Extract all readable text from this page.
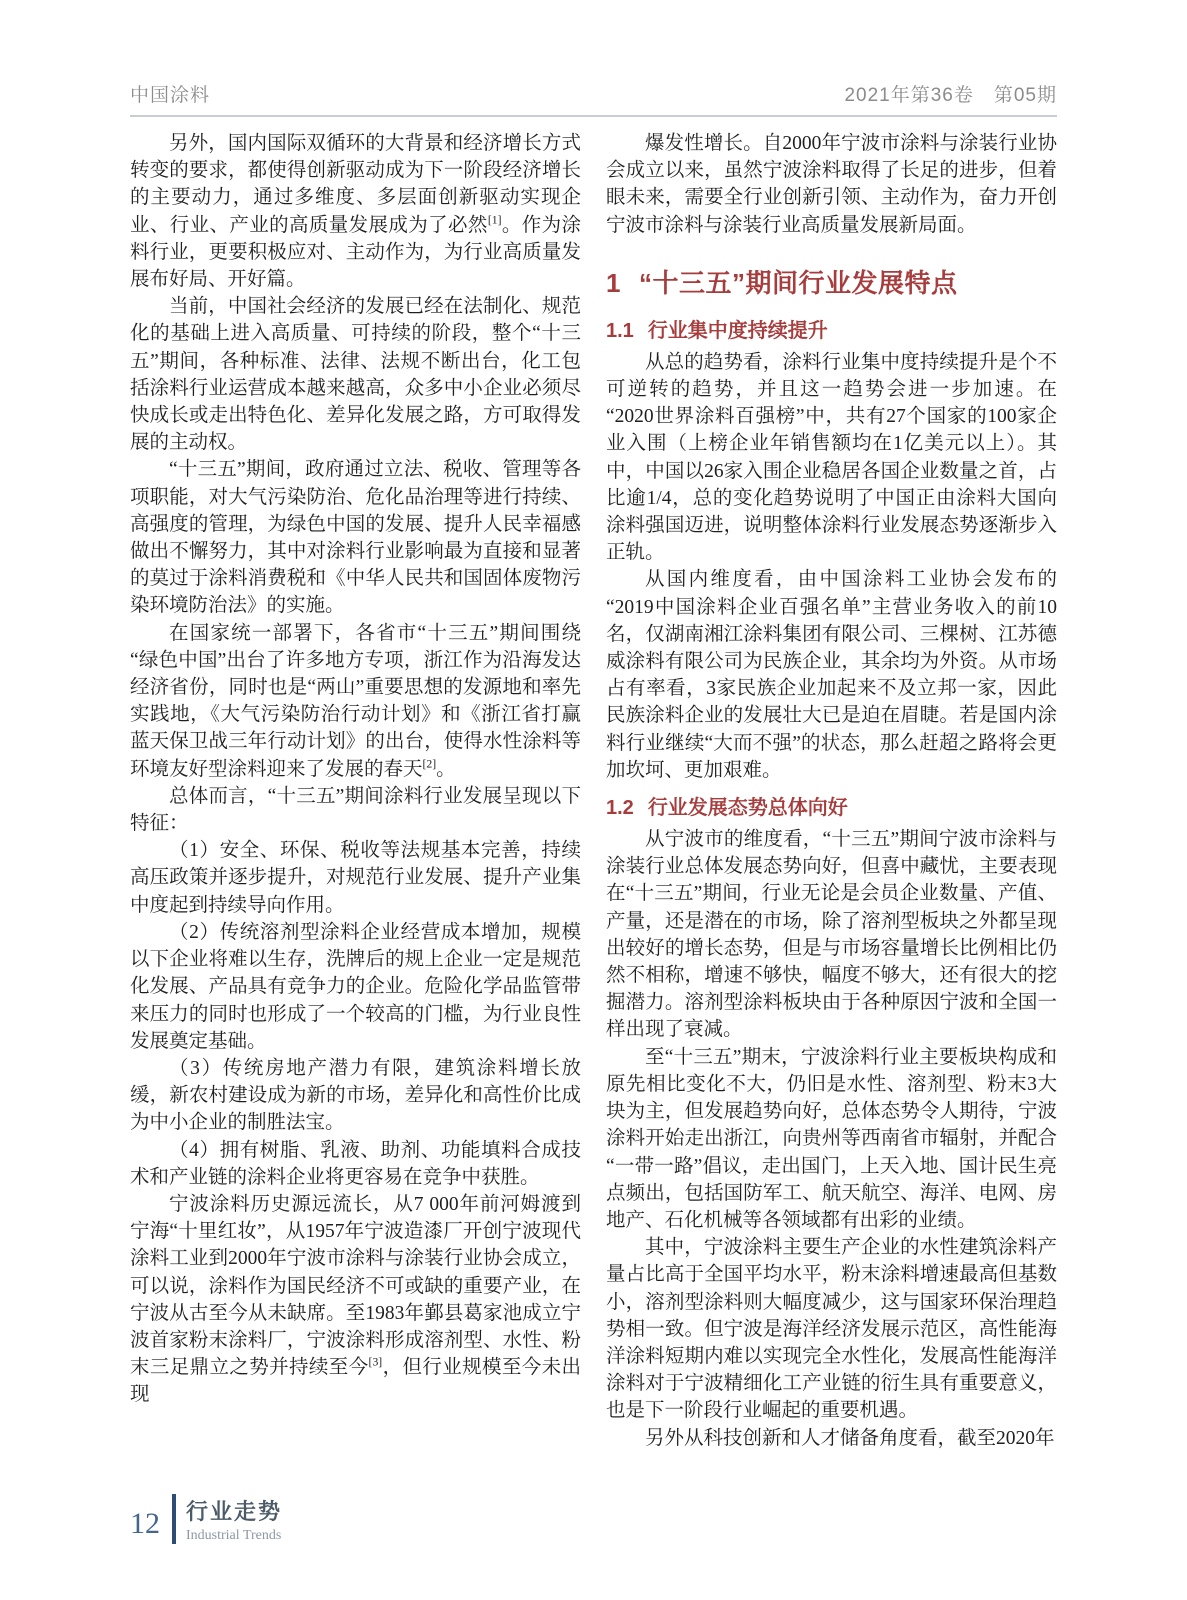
中国涂料	2021年第36卷　第05期

另外，国内国际双循环的大背景和经济增长方式转变的要求，都使得创新驱动成为下一阶段经济增长的主要动力，通过多维度、多层面创新驱动实现企业、行业、产业的高质量发展成为了必然[1]。作为涂料行业，更要积极应对、主动作为，为行业高质量发展布好局、开好篇。

当前，中国社会经济的发展已经在法制化、规范化的基础上进入高质量、可持续的阶段，整个“十三五”期间，各种标准、法律、法规不断出台，化工包括涂料行业运营成本越来越高，众多中小企业必须尽快成长或走出特色化、差异化发展之路，方可取得发展的主动权。

“十三五”期间，政府通过立法、税收、管理等各项职能，对大气污染防治、危化品治理等进行持续、高强度的管理，为绿色中国的发展、提升人民幸福感做出不懈努力，其中对涂料行业影响最为直接和显著的莫过于涂料消费税和《中华人民共和国固体废物污染环境防治法》的实施。

在国家统一部署下，各省市“十三五”期间围绕“绿色中国”出台了许多地方专项，浙江作为沿海发达经济省份，同时也是“两山”重要思想的发源地和率先实践地，《大气污染防治行动计划》和《浙江省打赢蓝天保卫战三年行动计划》的出台，使得水性涂料等环境友好型涂料迎来了发展的春天[2]。

总体而言，“十三五”期间涂料行业发展呈现以下特征：

（1）安全、环保、税收等法规基本完善，持续高压政策并逐步提升，对规范行业发展、提升产业集中度起到持续导向作用。

（2）传统溶剂型涂料企业经营成本增加，规模以下企业将难以生存，洗牌后的规上企业一定是规范化发展、产品具有竞争力的企业。危险化学品监管带来压力的同时也形成了一个较高的门槛，为行业良性发展奠定基础。

（3）传统房地产潜力有限，建筑涂料增长放缓，新农村建设成为新的市场，差异化和高性价比成为中小企业的制胜法宝。

（4）拥有树脂、乳液、助剂、功能填料合成技术和产业链的涂料企业将更容易在竞争中获胜。

宁波涂料历史源远流长，从7 000年前河姆渡到宁海“十里红妆”，从1957年宁波造漆厂开创宁波现代涂料工业到2000年宁波市涂料与涂装行业协会成立，可以说，涂料作为国民经济不可或缺的重要产业，在宁波从古至今从未缺席。至1983年鄞县葛家池成立宁波首家粉末涂料厂，宁波涂料形成溶剂型、水性、粉末三足鼎立之势并持续至今[3]，但行业规模至今未出现

爆发性增长。自2000年宁波市涂料与涂装行业协会成立以来，虽然宁波涂料取得了长足的进步，但着眼未来，需要全行业创新引领、主动作为，奋力开创宁波市涂料与涂装行业高质量发展新局面。

1 “十三五”期间行业发展特点
1.1 行业集中度持续提升

从总的趋势看，涂料行业集中度持续提升是个不可逆转的趋势，并且这一趋势会进一步加速。在“2020世界涂料百强榜”中，共有27个国家的100家企业入围（上榜企业年销售额均在1亿美元以上）。其中，中国以26家入围企业稳居各国企业数量之首，占比逾1/4，总的变化趋势说明了中国正由涂料大国向涂料强国迈进，说明整体涂料行业发展态势逐渐步入正轨。

从国内维度看，由中国涂料工业协会发布的“2019中国涂料企业百强名单”主营业务收入的前10名，仅湖南湘江涂料集团有限公司、三棵树、江苏德威涂料有限公司为民族企业，其余均为外资。从市场占有率看，3家民族企业加起来不及立邦一家，因此民族涂料企业的发展壮大已是迫在眉睫。若是国内涂料行业继续“大而不强”的状态，那么赶超之路将会更加坎坷、更加艰难。

1.2 行业发展态势总体向好

从宁波市的维度看，“十三五”期间宁波市涂料与涂装行业总体发展态势向好，但喜中藏忧，主要表现在“十三五”期间，行业无论是会员企业数量、产值、产量，还是潜在的市场，除了溶剂型板块之外都呈现出较好的增长态势，但是与市场容量增长比例相比仍然不相称，增速不够快，幅度不够大，还有很大的挖掘潜力。溶剂型涂料板块由于各种原因宁波和全国一样出现了衰减。

至“十三五”期末，宁波涂料行业主要板块构成和原先相比变化不大，仍旧是水性、溶剂型、粉末3大块为主，但发展趋势向好，总体态势令人期待，宁波涂料开始走出浙江，向贵州等西南省市辐射，并配合“一带一路”倡议，走出国门，上天入地、国计民生亮点频出，包括国防军工、航天航空、海洋、电网、房地产、石化机械等各领域都有出彩的业绩。

其中，宁波涂料主要生产企业的水性建筑涂料产量占比高于全国平均水平，粉末涂料增速最高但基数小，溶剂型涂料则大幅度减少，这与国家环保治理趋势相一致。但宁波是海洋经济发展示范区，高性能海洋涂料短期内难以实现完全水性化，发展高性能海洋涂料对于宁波精细化工产业链的衍生具有重要意义，也是下一阶段行业崛起的重要机遇。

另外从科技创新和人才储备角度看，截至2020年

12 行业走势
Industrial Trends
